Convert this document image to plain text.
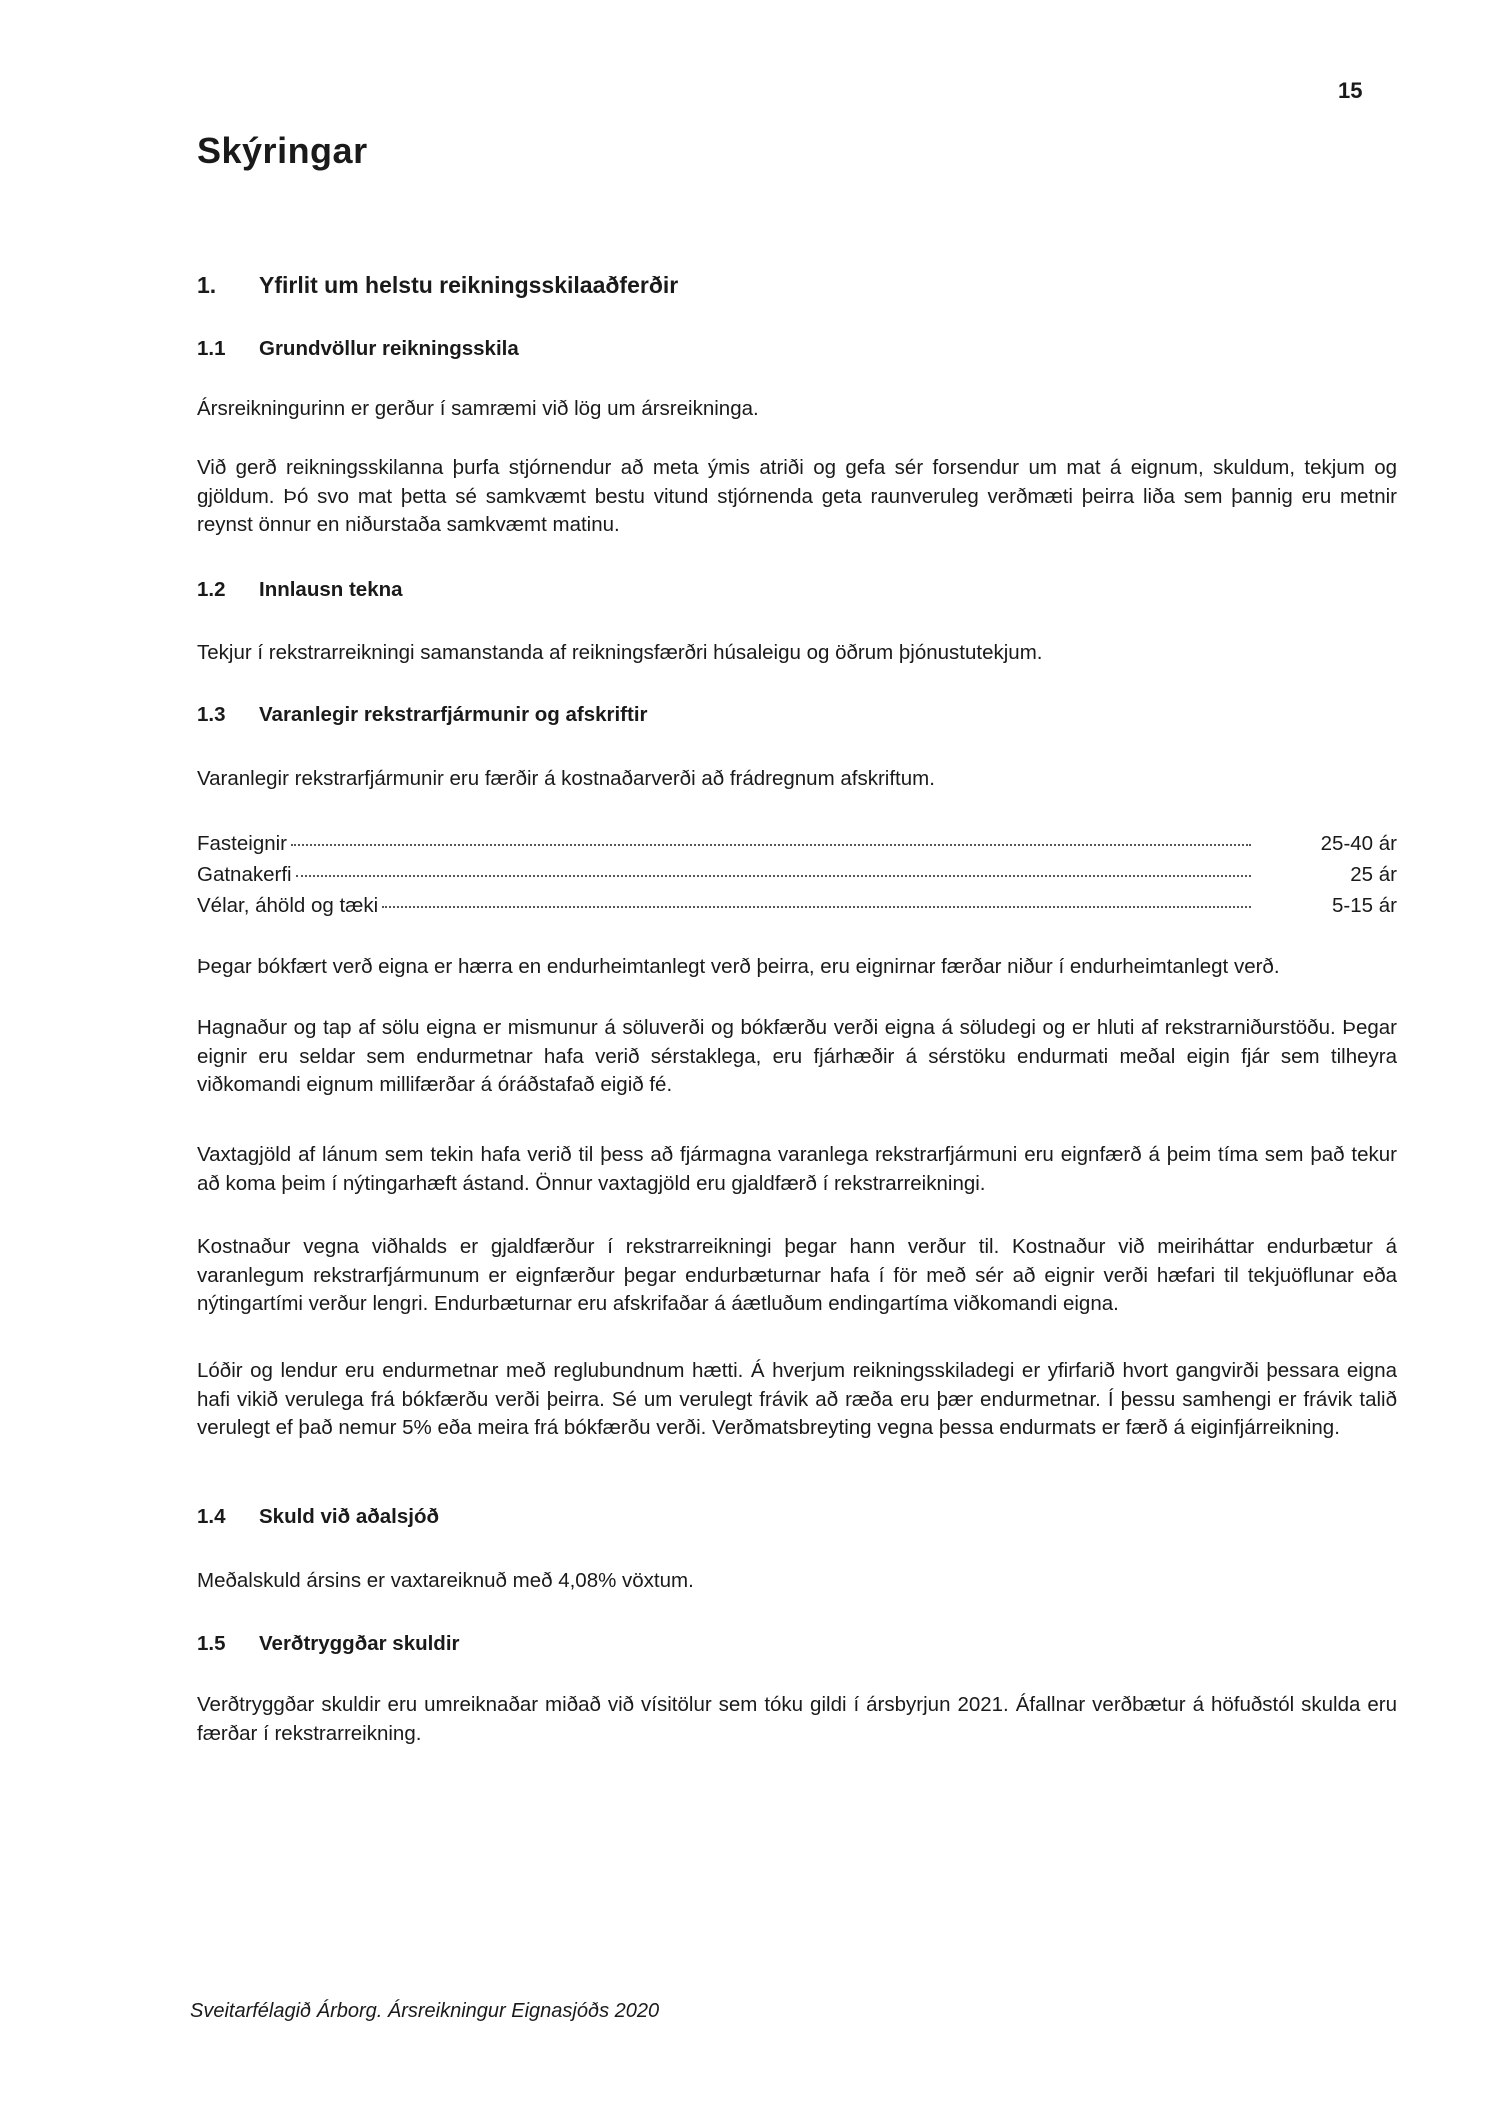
15
Skýringar
1. Yfirlit um helstu reikningsskilaaðferðir
1.1 Grundvöllur reikningsskila
Ársreikningurinn er gerður í samræmi við lög um ársreikninga.
Við gerð reikningsskilanna þurfa stjórnendur að meta ýmis atriði og gefa sér forsendur um mat á eignum, skuldum, tekjum og gjöldum. Þó svo mat þetta sé samkvæmt bestu vitund stjórnenda geta raunveruleg verðmæti þeirra liða sem þannig eru metnir reynst önnur en niðurstaða samkvæmt matinu.
1.2 Innlausn tekna
Tekjur í rekstrarreikningi samanstanda af reikningsfærðri húsaleigu og öðrum þjónustutekjum.
1.3 Varanlegir rekstrarfjármunir og afskriftir
Varanlegir rekstrarfjármunir eru færðir á kostnaðarverði að frádregnum afskriftum.
Fasteignir	25-40 ár
Gatnakerfi	25 ár
Vélar, áhöld og tæki	5-15 ár
Þegar bókfært verð eigna er hærra en endurheimtanlegt verð þeirra, eru eignirnar færðar niður í endurheimtanlegt verð.
Hagnaður og tap af sölu eigna er mismunur á söluverði og bókfærðu verði eigna á söludegi og er hluti af rekstrarniðurstöðu. Þegar eignir eru seldar sem endurmetnar hafa verið sérstaklega, eru fjárhæðir á sérstöku endurmati meðal eigin fjár sem tilheyra viðkomandi eignum millifærðar á óráðstafað eigið fé.
Vaxtagjöld af lánum sem tekin hafa verið til þess að fjármagna varanlega rekstrarfjármuni eru eignfærð á þeim tíma sem það tekur að koma þeim í nýtingarhæft ástand. Önnur vaxtagjöld eru gjaldfærð í rekstrarreikningi.
Kostnaður vegna viðhalds er gjaldfærður í rekstrarreikningi þegar hann verður til. Kostnaður við meiriháttar endurbætur á varanlegum rekstrarfjármunum er eignfærður þegar endurbæturnar hafa í för með sér að eignir verði hæfari til tekjuöflunar eða nýtingartími verður lengri. Endurbæturnar eru afskrifaðar á áætluðum endingartíma viðkomandi eigna.
Lóðir og lendur eru endurmetnar með reglubundnum hætti. Á hverjum reikningsskiladegi er yfirfarið hvort gangvirði þessara eigna hafi vikið verulega frá bókfærðu verði þeirra. Sé um verulegt frávik að ræða eru þær endurmetnar. Í þessu samhengi er frávik talið verulegt ef það nemur 5% eða meira frá bókfærðu verði. Verðmatsbreyting vegna þessa endurmats er færð á eiginfjárreikning.
1.4 Skuld við aðalsjóð
Meðalskuld ársins er vaxtareiknuð með 4,08% vöxtum.
1.5 Verðtryggðar skuldir
Verðtryggðar skuldir eru umreiknaðar miðað við vísitölur sem tóku gildi í ársbyrjun 2021. Áfallnar verðbætur á höfuðstól skulda eru færðar í rekstrarreikning.
Sveitarfélagið Árborg. Ársreikningur Eignasjóðs 2020
